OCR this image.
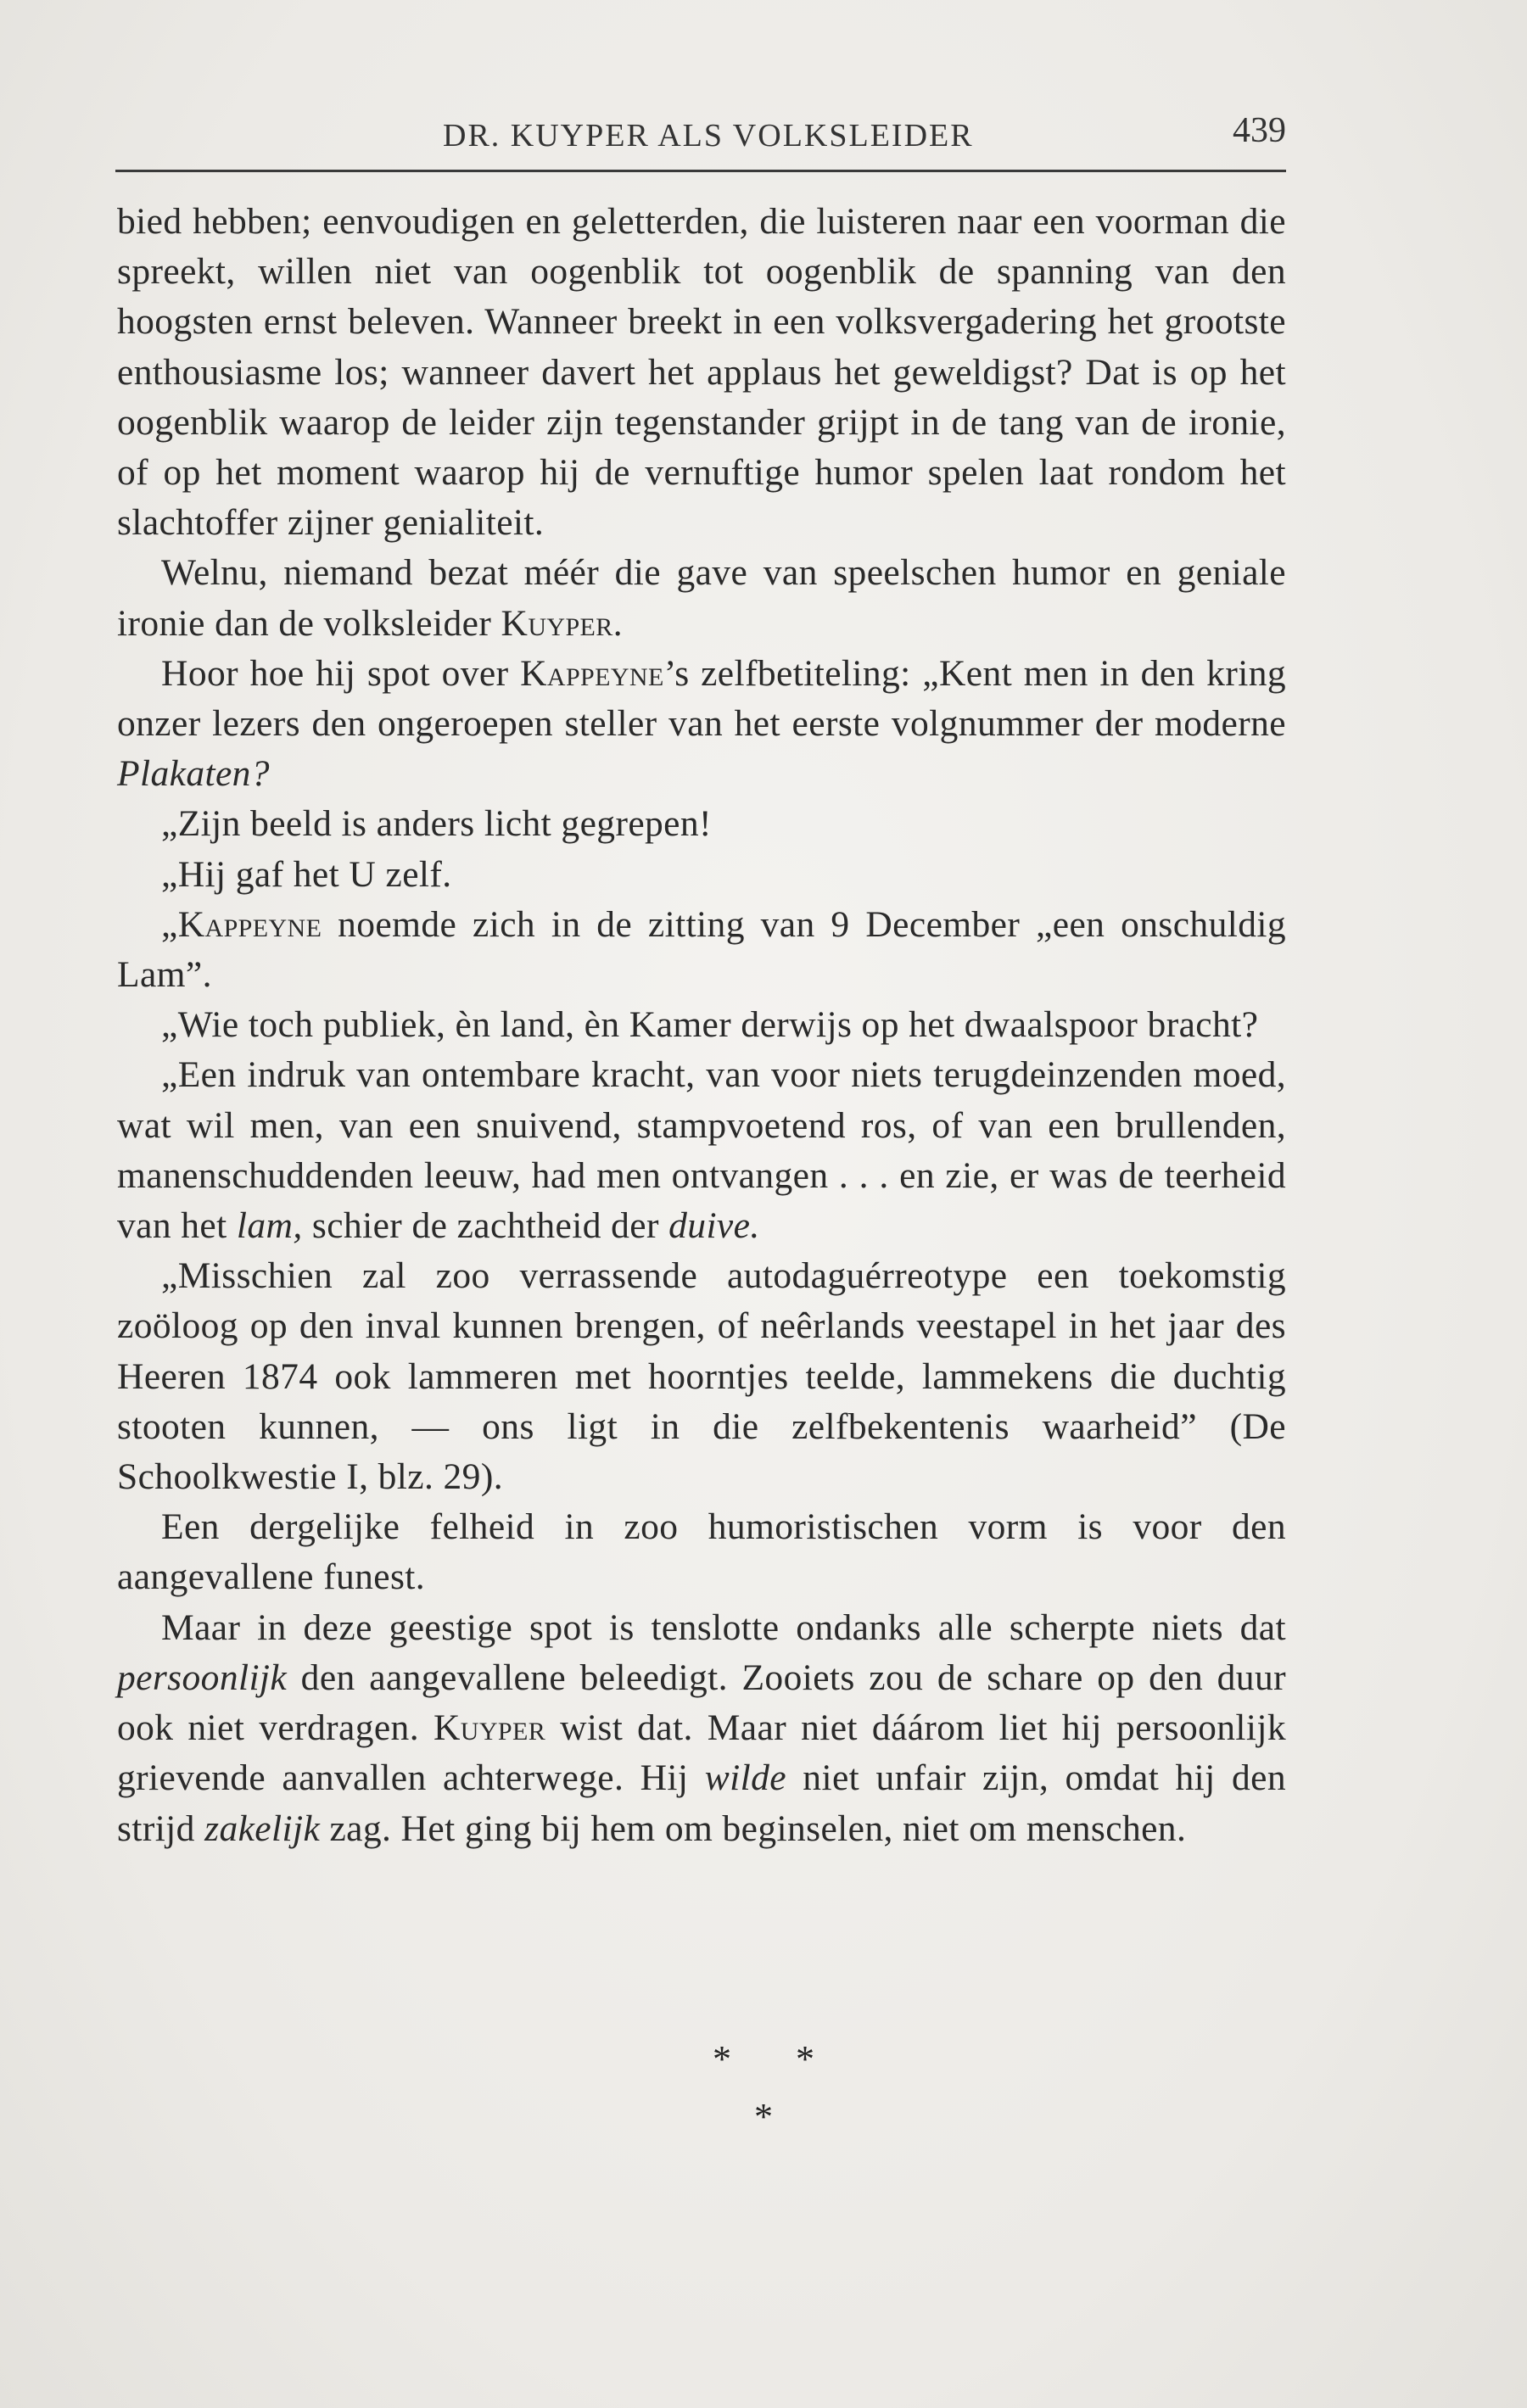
DR. KUYPER ALS VOLKSLEIDER	439

bied hebben; eenvoudigen en geletterden, die luisteren naar een voorman die spreekt, willen niet van oogenblik tot oogenblik de spanning van den hoogsten ernst beleven. Wanneer breekt in een volksvergadering het grootste enthousiasme los; wanneer davert het applaus het geweldigst? Dat is op het oogenblik waarop de leider zijn tegenstander grijpt in de tang van de ironie, of op het moment waarop hij de vernuftige humor spelen laat rondom het slachtoffer zijner genialiteit.

Welnu, niemand bezat méér die gave van speelschen humor en geniale ironie dan de volksleider Kuyper.

Hoor hoe hij spot over Kappeyne’s zelfbetiteling: „Kent men in den kring onzer lezers den ongeroepen steller van het eerste volgnummer der moderne Plakaten?

„Zijn beeld is anders licht gegrepen!

„Hij gaf het U zelf.

„Kappeyne noemde zich in de zitting van 9 December „een onschuldig Lam”.

„Wie toch publiek, èn land, èn Kamer derwijs op het dwaalspoor bracht?

„Een indruk van ontembare kracht, van voor niets terugdeinzenden moed, wat wil men, van een snuivend, stampvoetend ros, of van een brullenden, manenschuddenden leeuw, had men ontvangen . . . en zie, er was de teerheid van het lam, schier de zachtheid der duive.

„Misschien zal zoo verrassende autodaguérreotype een toekomstig zoöloog op den inval kunnen brengen, of neêrlands veestapel in het jaar des Heeren 1874 ook lammeren met hoorntjes teelde, lammekens die duchtig stooten kunnen, — ons ligt in die zelfbekentenis waarheid” (De Schoolkwestie I, blz. 29).

Een dergelijke felheid in zoo humoristischen vorm is voor den aangevallene funest.

Maar in deze geestige spot is tenslotte ondanks alle scherpte niets dat persoonlijk den aangevallene beleedigt. Zooiets zou de schare op den duur ook niet verdragen. Kuyper wist dat. Maar niet dáárom liet hij persoonlijk grievende aanvallen achterwege. Hij wilde niet unfair zijn, omdat hij den strijd zakelijk zag. Het ging bij hem om beginselen, niet om menschen.

* *
*
